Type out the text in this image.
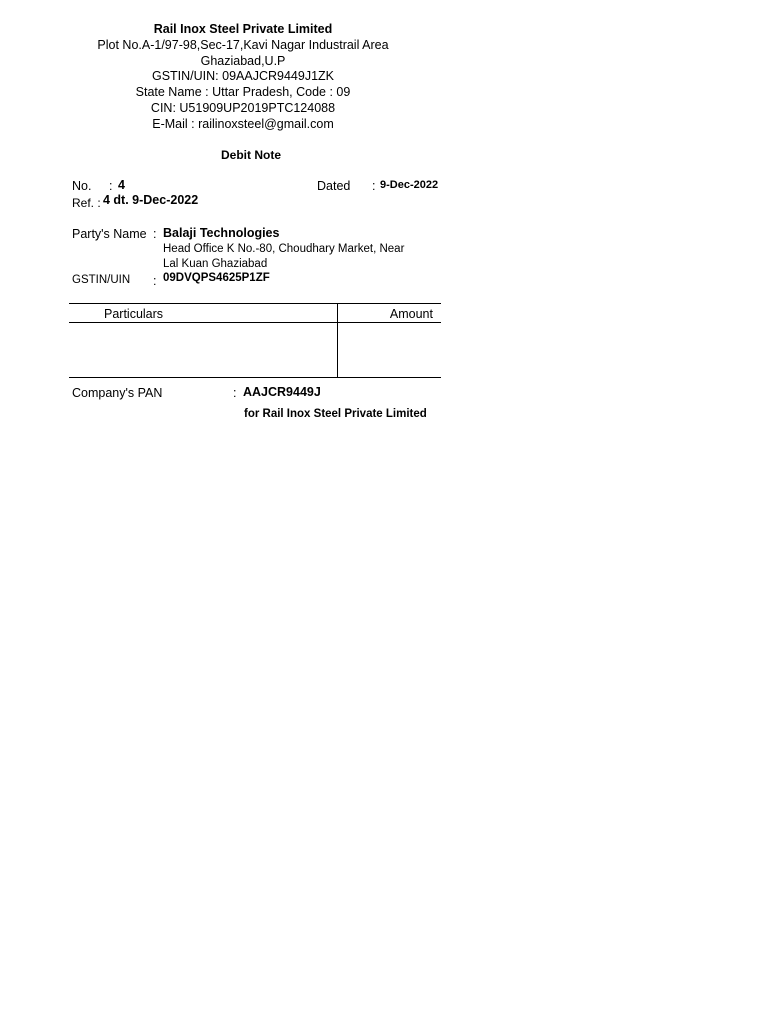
Rail Inox Steel Private Limited
Plot No.A-1/97-98,Sec-17,Kavi Nagar Industrail Area
Ghaziabad,U.P
GSTIN/UIN: 09AAJCR9449J1ZK
State Name : Uttar Pradesh, Code : 09
CIN: U51909UP2019PTC124088
E-Mail : railinoxsteel@gmail.com
Debit Note
No. : 4	Dated : 9-Dec-2022
Ref. : 4 dt. 9-Dec-2022
Party's Name : Balaji Technologies
Head Office K No.-80, Choudhary Market, Near
Lal Kuan Ghaziabad
GSTIN/UIN : 09DVQPS4625P1ZF
Particulars	Amount
Company's PAN	: AAJCR9449J
for Rail Inox Steel Private Limited
